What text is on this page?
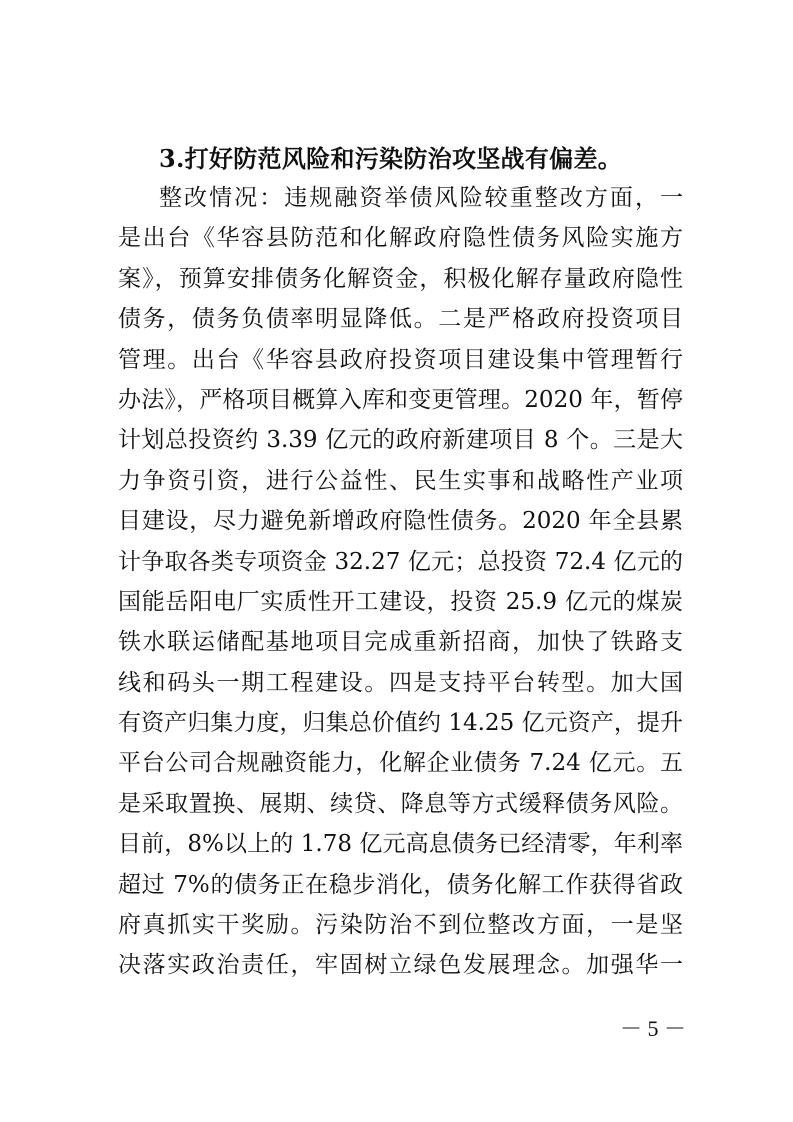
3.打好防范风险和污染防治攻坚战有偏差。
整改情况：违规融资举债风险较重整改方面，一
是出台《华容县防范和化解政府隐性债务风险实施方
案》，预算安排债务化解资金，积极化解存量政府隐性
债务，债务负债率明显降低。二是严格政府投资项目
管理。出台《华容县政府投资项目建设集中管理暂行
办法》，严格项目概算入库和变更管理。2020 年，暂停
计划总投资约 3.39 亿元的政府新建项目 8 个。三是大
力争资引资，进行公益性、民生实事和战略性产业项
目建设，尽力避免新增政府隐性债务。2020 年全县累
计争取各类专项资金 32.27 亿元；总投资 72.4 亿元的
国能岳阳电厂实质性开工建设，投资 25.9 亿元的煤炭
铁水联运储配基地项目完成重新招商，加快了铁路支
线和码头一期工程建设。四是支持平台转型。加大国
有资产归集力度，归集总价值约 14.25 亿元资产，提升
平台公司合规融资能力，化解企业债务 7.24 亿元。五
是采取置换、展期、续贷、降息等方式缓释债务风险。
目前，8%以上的 1.78 亿元高息债务已经清零，年利率
超过 7%的债务正在稳步消化，债务化解工作获得省政
府真抓实干奖励。污染防治不到位整改方面，一是坚
决落实政治责任，牢固树立绿色发展理念。加强华一
－ 5 －
